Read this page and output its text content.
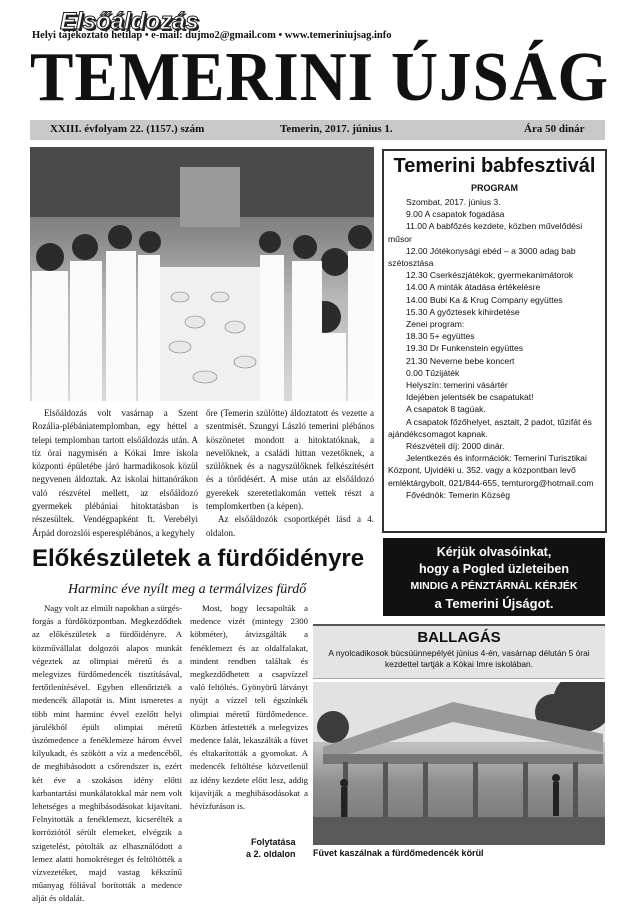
Helyi tájékoztató hetilap • e-mail: dujmo2@gmail.com • www.temeriniujsag.info
TEMERINI ÚJSÁG
XXIII. évfolyam 22. (1157.) szám	Temerin, 2017. június 1.	Ára 50 dinár
Elsőáldozás

Elsőáldozás volt vasárnap a Szent Rozália-plébániatemplomban, egy héttel a telepi templomban tartott elsőáldozás után. A tíz órai nagymisén a Kókai Imre iskola központi épületébe járó harmadikosok közül negyvenen áldoztak. Az iskolai hittanórákon való részvétel mellett, az elsőáldozó gyermekek plébániai hitoktatásban is részesültek. Vendégpapként ft. Verebélyi Árpád dorozslói esperesplébános, a kegyhely

őre (Temerin szülötte) áldoztatott és vezette a szentmisét. Szungyi László temerini plébános köszönetet mondott a hitoktatóknak, a nevelőknek, a családi hittan vezetőknek, a szülőknek és a nagyszülőknek felkészítésért és a törődésért. A mise után az elsőáldozó gyerekek szeretetlakomán vettek részt a templomkertben (a képen).

Az elsőáldozók csoportképét lásd a 4. oldalon.

Temerini babfesztivál
PROGRAM
Szombat, 2017. június 3.
9.00 A csapatok fogadása
11.00 A babfőzés kezdete, közben művelődési műsor
12.00 Jótékonysági ebéd – a 3000 adag bab szétosztása
12.30 Cserkészjátékok, gyermekanimátorok
14.00 A minták átadása értékelésre
14.00 Bubi Ka & Krug Company együttes
15.30 A győztesek kihirdetése
Zenei program:
18.30 5+ együttes
19.30 Dr Funkenstein együttes
21.30 Neverne bebe koncert
0.00 Tűzijáték
Helyszín: temerini vásártér
Idejében jelentsék be csapatukat!
A csapatok 8 tagúak.
A csapatok főzőhelyet, asztalt, 2 padot, tűzifát és ajándékcsomagot kapnak.
Részvételi díj: 2000 dinár.
Jelentkezés és információk: Temerini Turisztikai Központ, Ujvidéki u. 352. vagy a központban levő emléktárgybolt, 021/844-655, temturorg@hotmail.com
Fővédnök: Temerin Község
Kérjük olvasóinkat,
hogy a Pogled üzleteiben
MINDIG A PÉNZTÁRNÁL KÉRJÉK
a Temerini Újságot.
BALLAGÁS
A nyolcadikosok búcsúünnepélyét június 4-én, vasárnap délután 5 órai kezdettel tartják a Kókai Imre iskolában.
Előkészületek a fürdőidényre
Harminc éve nyílt meg a termálvizes fürdő

Nagy volt az elmúlt napokban a sürgés-forgás a fürdőközpontban. Megkezdődtek az előkészületek a fürdőidényre. A közművállalat dolgozói alapos munkát végeztek az olimpiai méretű és a melegvizes fürdőmedencék tisztításával, fertőtlenítésével. Egyben ellenőrizték a medencék állapotát is. Mint ismeretes a több mint harminc évvel ezelőtt helyi járulékból épült olimpiai méretű úszómedence a fenéklemeze három évvel kilyukadt, és szökött a víz a medencéből, de meghibásodott a csőrendszer is, ezért két éve a szokásos idény előtti karbantartási munkálatokkal már nem volt lehetséges a meghibásodásokat kijavítani. Felnyitották a fenéklemezt, kicserélték a korróziótól sérült elemeket, elvégzik a szigetelést, pótolták az elhasználódott a lemez alatti homokréteget és feltöltötték a vízvezetéket, majd vastag kékszínű műanyag fóliával borították a medence alját és oldalát.

Most, hogy lecsapolták a medence vizét (mintegy 2300 köbméter), átvizsgálták a fenéklemezt és az oldalfalakat, mindent rendben találtak és megkezdődhetett a csapvízzel való feltöltés. Gyönyörű látványt nyújt a vízzel teli égszínkék olimpiai méretű fürdőmedence. Közben átfestették a melegvizes medence falát, lekaszálták a füvet és eltakarították a gyomokat. A medencék feltöltése közvetlenül az idény kezdete előtt lesz, addig kijavítják a meghibásodásokat a hévízfuráson is.

Folytatása
a 2. oldalon Füvet kaszálnak a fürdőmedencék körül
